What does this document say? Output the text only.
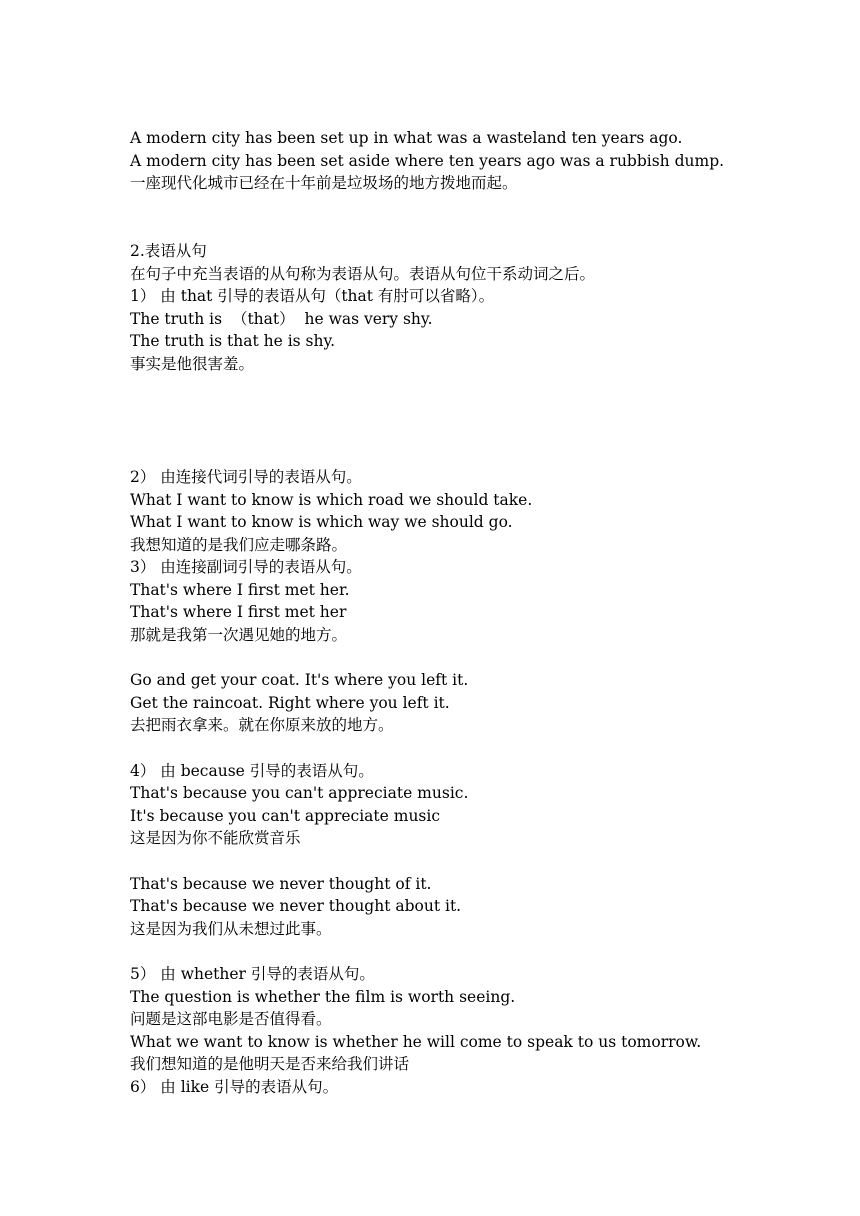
A modern city has been set up in what was a wasteland ten years ago.
A modern city has been set aside where ten years ago was a rubbish dump.
一座现代化城市已经在十年前是垃圾场的地方拨地而起。
2.表语从句
在句子中充当表语的从句称为表语从句。表语从句位干系动词之后。
1） 由 that 引导的表语从句（that 有肘可以省略）。
The truth is  （that）  he was very shy.
The truth is that he is shy.
事实是他很害羞。
2） 由连接代词引导的表语从句。
What I want to know is which road we should take.
What I want to know is which way we should go.
我想知道的是我们应走哪条路。
3） 由连接副词引导的表语从句。
That's where I first met her.
That's where I first met her
那就是我第一次遇见她的地方。
Go and get your coat. It's where you left it.
Get the raincoat. Right where you left it.
去把雨衣拿来。就在你原来放的地方。
4） 由 because 引导的表语从句。
That's because you can't appreciate music.
It's because you can't appreciate music
这是因为你不能欣赏音乐
That's because we never thought of it.
That's because we never thought about it.
这是因为我们从未想过此事。
5） 由 whether 引导的表语从句。
The question is whether the film is worth seeing.
问题是这部电影是否值得看。
What we want to know is whether he will come to speak to us tomorrow.
我们想知道的是他明天是否来给我们讲话
6） 由 like 引导的表语从句。
